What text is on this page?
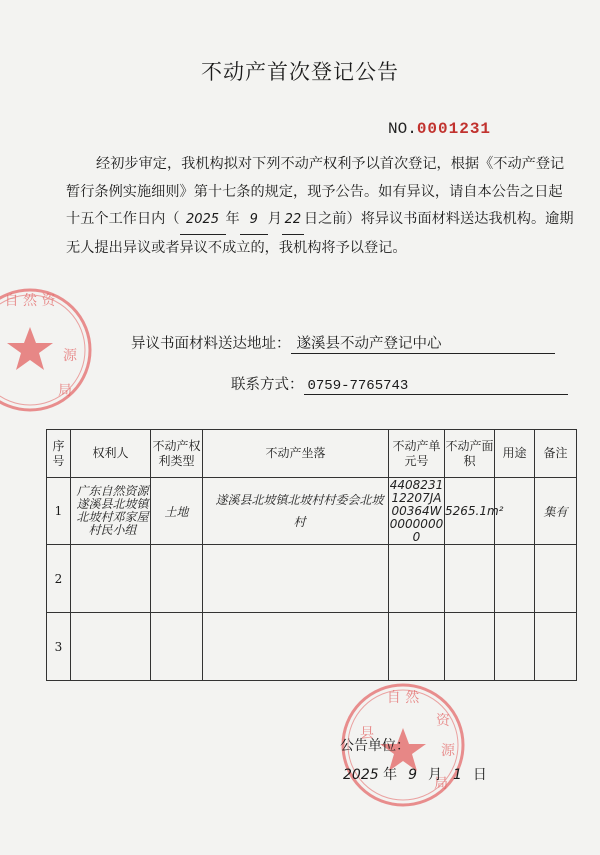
自 然 资
源
局
县
自 然
资
源
局
不动产首次登记公告
NO.0001231
经初步审定，我机构拟对下列不动产权利予以首次登记，根据《不动产登记暂行条例实施细则》第十七条的规定，现予公告。如有异议，请自本公告之日起十五个工作日内（ 2025 年 9 月 22 日之前）将异议书面材料送达我机构。逾期无人提出异议或者异议不成立的，我机构将予以登记。
异议书面材料送达地址： 遂溪县不动产登记中心
联系方式： 0759-7765743
序号	权利人	不动产权利类型	不动产坐落	不动产单元号	不动产面 积	用途	备注
1	广东自然资源遂溪县北坡镇北坡村邓家屋村民小组	土地	遂溪县北坡镇北坡村村委会北坡村	440823112207JA00364W00000000	5265.1m²		集有
2							
3							
公告单位：
2025 年 9 月 1 日
